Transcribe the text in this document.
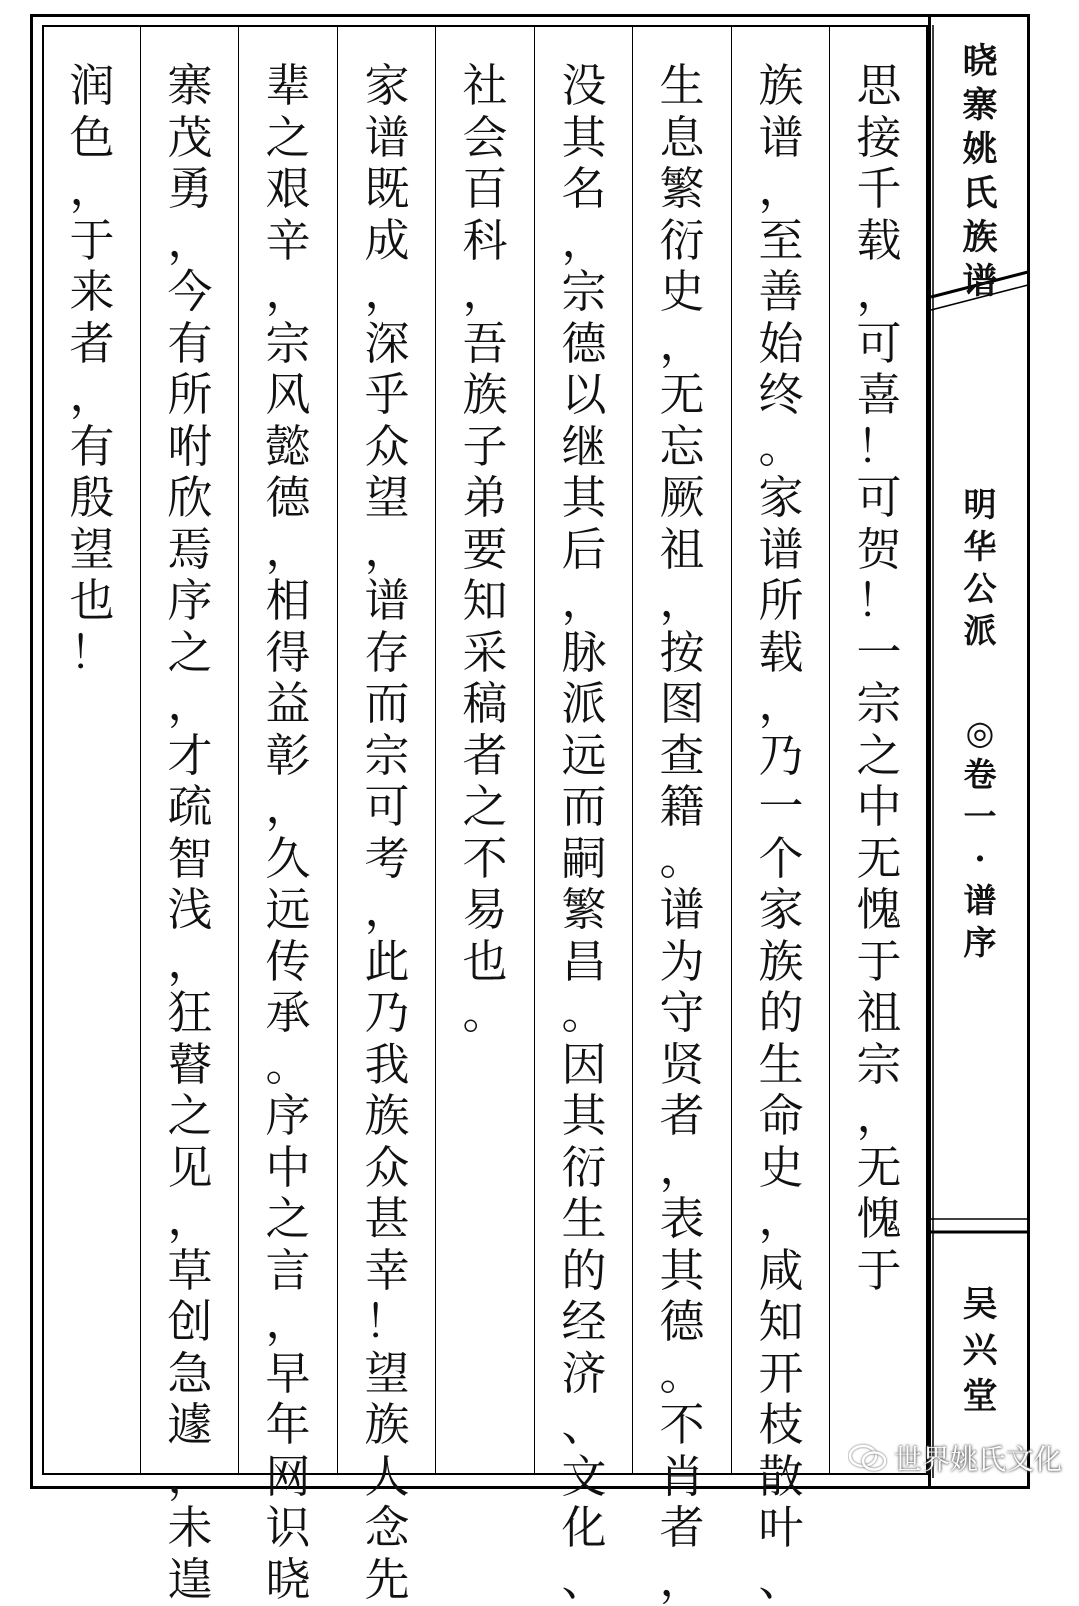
思
接
千
载
，
可
喜
！
可
贺
！
一
宗
之
中
无
愧
于
祖
宗
，
无
愧
于
族
谱
，
至
善
始
终
。
家
谱
所
载
，
乃
一
个
家
族
的
生
命
史
，
咸
知
开
枝
散
叶
、
生
息
繁
衍
史
，
无
忘
厥
祖
，
按
图
查
籍
。
谱
为
守
贤
者
，
表
其
德
。
不
肖
者
，
没
其
名
，
宗
德
以
继
其
后
，
脉
派
远
而
嗣
繁
昌
。
因
其
衍
生
的
经
济
、
文
化
、
社
会
百
科
，
吾
族
子
弟
要
知
采
稿
者
之
不
易
也
。
家
谱
既
成
，
深
乎
众
望
，
谱
存
而
宗
可
考
，
此
乃
我
族
众
甚
幸
！
望
族
人
念
先
辈
之
艰
辛
，
宗
风
懿
德
，
相
得
益
彰
，
久
远
传
承
。
序
中
之
言
，
早
年
网
识
晓
寨
茂
勇
，
今
有
所
咐
欣
焉
序
之
，
才
疏
智
浅
，
狂
瞽
之
见
，
草
创
急
遽
，
未
遑
润
色
，
于
来
者
，
有
殷
望
也
！
晓
寨
姚
氏
族
谱
明
华
公
派
◎
卷
一
·
谱
序
吴
兴
堂
世界姚氏文化
